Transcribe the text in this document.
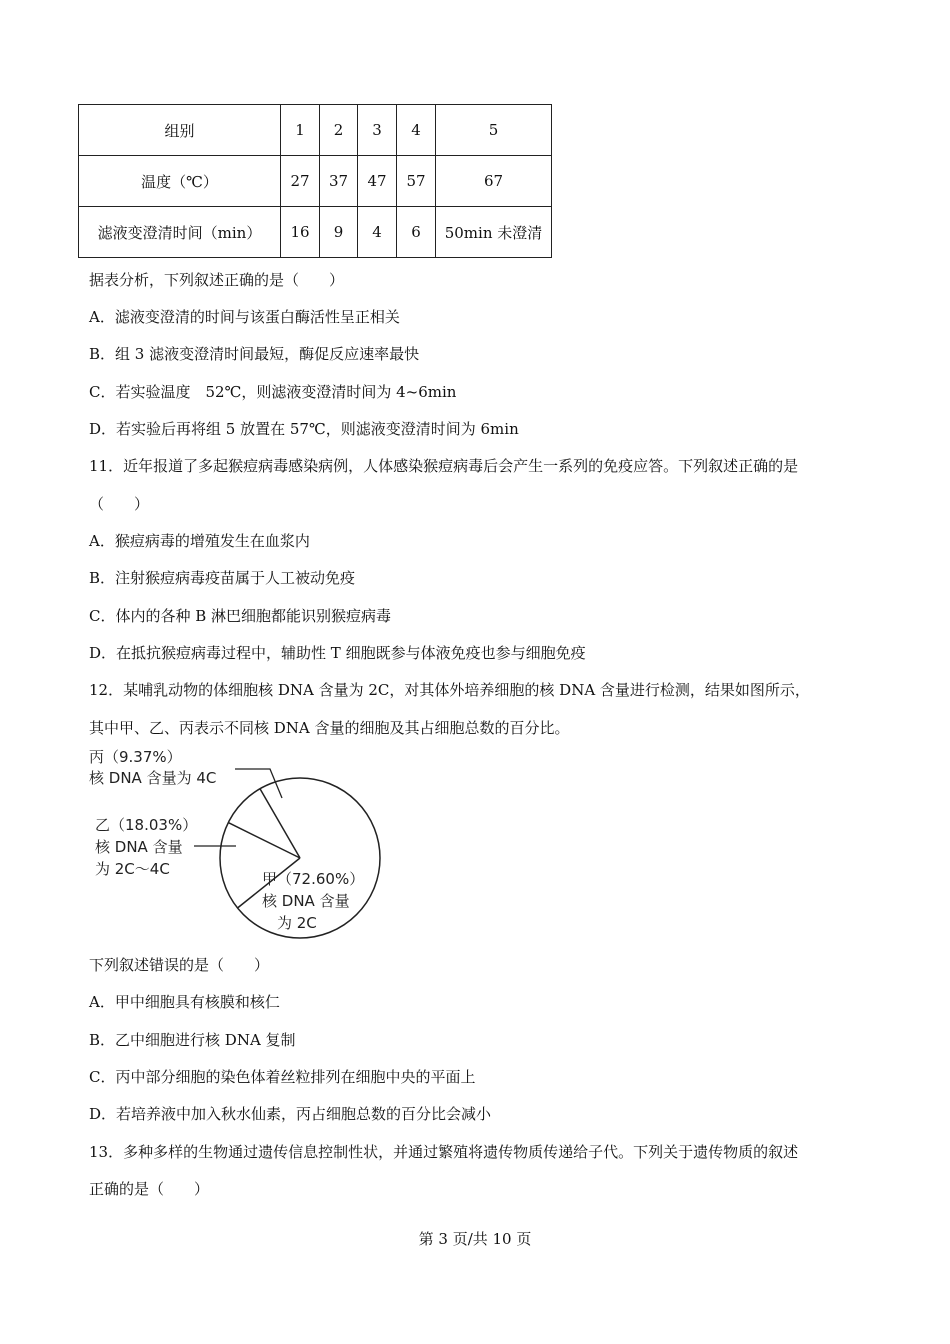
组别	1	2	3	4	5
温度（℃）	27	37	47	57	67
滤液变澄清时间（min）	16	9	4	6	50min 未澄清
据表分析，下列叙述正确的是（　　）
A．滤液变澄清的时间与该蛋白酶活性呈正相关
B．组 3 滤液变澄清时间最短，酶促反应速率最快
C．若实验温度　52℃，则滤液变澄清时间为 4~6min
D．若实验后再将组 5 放置在 57℃，则滤液变澄清时间为 6min
11．近年报道了多起猴痘病毒感染病例，人体感染猴痘病毒后会产生一系列的免疫应答。下列叙述正确的是
（　　）
A．猴痘病毒的增殖发生在血浆内
B．注射猴痘病毒疫苗属于人工被动免疫
C．体内的各种 B 淋巴细胞都能识别猴痘病毒
D．在抵抗猴痘病毒过程中，辅助性 T 细胞既参与体液免疫也参与细胞免疫
12．某哺乳动物的体细胞核 DNA 含量为 2C，对其体外培养细胞的核 DNA 含量进行检测，结果如图所示，
其中甲、乙、丙表示不同核 DNA 含量的细胞及其占细胞总数的百分比。
丙（9.37%）
核 DNA 含量为 4C
乙（18.03%）
核 DNA 含量
为 2C～4C
甲（72.60%）
核 DNA 含量
为 2C
下列叙述错误的是（　　）
A．甲中细胞具有核膜和核仁
B．乙中细胞进行核 DNA 复制
C．丙中部分细胞的染色体着丝粒排列在细胞中央的平面上
D．若培养液中加入秋水仙素，丙占细胞总数的百分比会减小
13．多种多样的生物通过遗传信息控制性状，并通过繁殖将遗传物质传递给子代。下列关于遗传物质的叙述
正确的是（　　）
第 3 页/共 10 页
